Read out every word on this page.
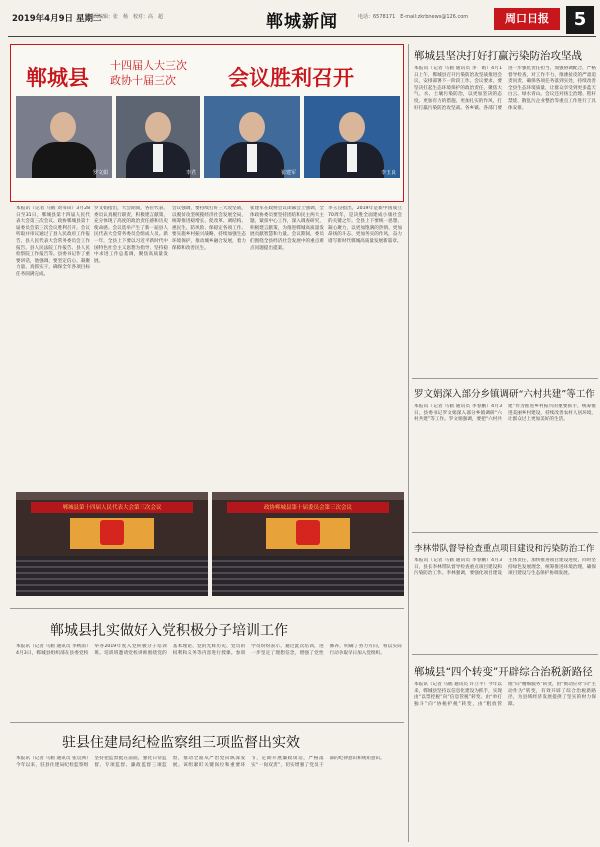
2019年4月9日 星期二
版面编辑：张　杨　校对：高　超	郸城新闻	电话：6578171　E-mail:zkrbnews@126.com	周口日报	5
郸城县 十四届人大三次
政协十届三次	会议胜利召开
罗文娟	李君	崔建军	李玉良
本报讯（记者 马鹤 刘书田）3月28日至31日，郸城县第十四届人民代表大会第三次会议、政协郸城县第十届委员会第三次会议胜利召开。会议听取并审议通过了县人民政府工作报告、县人民代表大会常务委员会工作报告、县人民法院工作报告、县人民检察院工作报告等。县委书记作了重要讲话，他强调，要坚定信心、凝聚力量、真抓实干，确保全年各项目标任务圆满完成。
罗文娟指出，大会期间，各位代表、委员认真履行职责，积极建言献策，充分体现了高度的政治责任感和历史使命感。会议选举产生了新一届县人民代表大会常务委员会组成人员。新一年，全县上下要以习近平新时代中国特色社会主义思想为指导，坚持稳中求进工作总基调，聚焦高质量发展。
会议强调，要持续打好三大攻坚战，以脱贫攻坚统揽经济社会发展全局，统筹推进稳增长、促改革、调结构、惠民生、防风险、保稳定各项工作。要实施乡村振兴战略，持续加强生态环境保护，推动城乡融合发展，着力保障和改善民生。
崔建军在政协会议闭幕会上强调，全体政协委员要坚持团结和民主两大主题，紧扣中心工作，深入调查研究，积极建言献策，为推进郸城高质量发展贡献智慧和力量。会议期间，委员们围绕全县经济社会发展中的重点难点问题提出提案。
李玉良指出，2019年是新中国成立70周年，是决胜全面建成小康社会的关键之年。全县上下要统一思想、凝心聚力，以更加饱满的热情、更加昂扬的斗志、更加务实的作风，奋力谱写新时代郸城高质量发展新篇章。
郸城县第十四届人民代表大会第三次会议	政协郸城县第十届委员会第三次会议
郸城县扎实做好入党积极分子培训工作
本报讯（记者 马鹤 通讯员 李秋雨）4月3日，郸城县组织部在县委党校举办2019年度入党积极分子培训班。培训班邀请党校讲师围绕党的基本理论、党的光辉历史、党员的权利和义务等内容进行授课。参训学员纷纷表示，通过此次培训，进一步坚定了理想信念，增强了党性修养，明确了努力方向，将以实际行动争取早日加入党组织。
驻县住建局纪检监察组三项监督出实效
本报讯（记者 马鹤 通讯员 张贯洲）今年以来，驻县住建局纪检监察组坚持把监督挺在前面，强化日常监督、专项监督、廉政监督三项监督，推动全面从严治党向纵深发展。该组紧盯关键岗位和重要环节，定期开展廉政谈话，严格落实“一岗双责”，切实增强了党员干部的纪律意识和规矩意识。
郸城县坚决打好打赢污染防治攻坚战
本报讯（记者 马鹤 通讯员 李　娟）4月1日上午，郸城县召开污染防治攻坚战推进会议，安排部署下一阶段工作。会议要求，要坚决扛起生态环境保护的政治责任，聚焦大气、水、土壤污染防治，以更加坚决的态度、更加有力的措施、更加扎实的作风，打好打赢污染防治攻坚战。各乡镇、各部门要进一步强化责任担当，加强协调配合，严格督导检查，对工作不力、推诿扯皮的严肃追责问责，确保各项任务落到实处，持续改善全县生态环境质量，让群众享受到更多蓝天白云、绿水青山。会议还对扬尘治理、秸秆禁烧、散乱污企业整治等重点工作进行了具体安排。
罗文娟深入部分乡镇调研“六村共建”等工作
本报讯（记者 马鹤 通讯员 李春鹏）4月3日，县委书记罗文娟深入部分乡镇调研“六村共建”等工作。罗文娟强调，要把“六村共建”作为推进乡村振兴的重要抓手，统筹推进美丽乡村建设，持续改善农村人居环境，让群众过上更加美好的生活。
李林带队督导检查重点项目建设和污染防治工作
本报讯（记者 马鹤 通讯员 李春鹏）4月3日，县长李林带队督导检查重点项目建设和污染防治工作。李林强调，要强化项目建设主体责任，加快推进项目建设进度，同时坚持绿色发展理念，统筹推进环境治理，确保项目建设与生态保护协调发展。
郸城县“四个转变”开辟综合治税新路径
本报讯（记者 马鹤 通讯员 许立平）今年以来，郸城县坚持以信息化建设为抓手，实现由“以票控税”向“信息管税”转变、由“单打独斗”向“协税护税”转变，由“粗放管理”向“精细服务”转变，由“被动应对”向“主动作为”转变，有效开辟了综合治税新路径，为县域经济发展提供了坚实的财力保障。
